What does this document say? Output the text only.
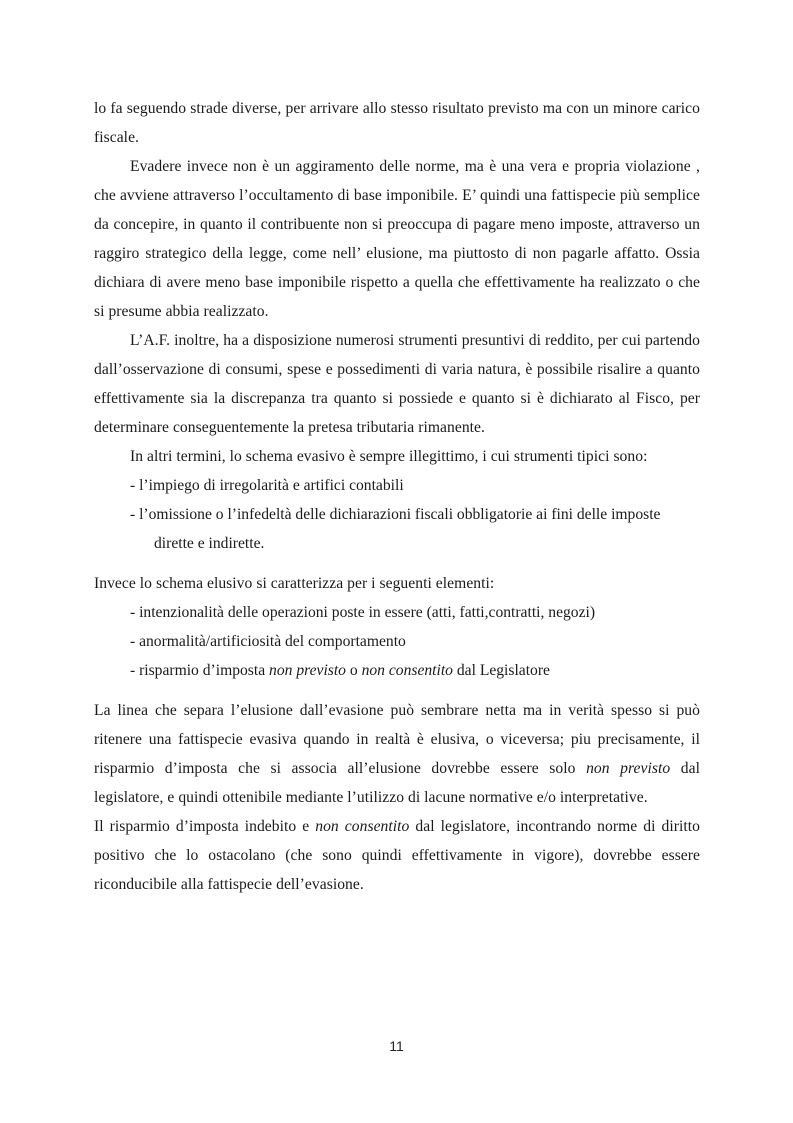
lo fa seguendo strade diverse, per arrivare allo stesso risultato previsto ma con un minore carico fiscale.

Evadere invece non è un aggiramento delle norme, ma è una vera e propria violazione , che avviene attraverso l’occultamento di base imponibile. E’ quindi una fattispecie più semplice da concepire, in quanto il contribuente non si preoccupa di pagare meno imposte, attraverso un raggiro strategico della legge, come nell’ elusione, ma piuttosto di non pagarle affatto. Ossia dichiara di avere meno base imponibile rispetto a quella che effettivamente ha realizzato o che si presume abbia realizzato.

L’A.F. inoltre, ha a disposizione numerosi strumenti presuntivi di reddito, per cui partendo dall’osservazione di consumi, spese e possedimenti di varia natura, è possibile risalire a quanto effettivamente sia la discrepanza tra quanto si possiede e quanto si è dichiarato al Fisco, per determinare conseguentemente la pretesa tributaria rimanente.

In altri termini, lo schema evasivo è sempre illegittimo, i cui strumenti tipici sono:

- l’impiego di irregolarità e artifici contabili
- l’omissione o l’infedeltà delle dichiarazioni fiscali obbligatorie ai fini delle imposte
dirette e indirette.

Invece lo schema elusivo si caratterizza per i seguenti elementi:

- intenzionalità delle operazioni poste in essere (atti, fatti,contratti, negozi)
- anormalità/artificiosità del comportamento
- risparmio d’imposta non previsto o non consentito dal Legislatore

La linea che separa l’elusione dall’evasione può sembrare netta ma in verità spesso si può ritenere una fattispecie evasiva quando in realtà è elusiva, o viceversa; piu precisamente, il risparmio d’imposta che si associa all’elusione dovrebbe essere solo non previsto dal legislatore, e quindi ottenibile mediante l’utilizzo di lacune normative e/o interpretative.

Il risparmio d’imposta indebito e non consentito dal legislatore, incontrando norme di diritto positivo che lo ostacolano (che sono quindi effettivamente in vigore), dovrebbe essere riconducibile alla fattispecie dell’evasione.

11
